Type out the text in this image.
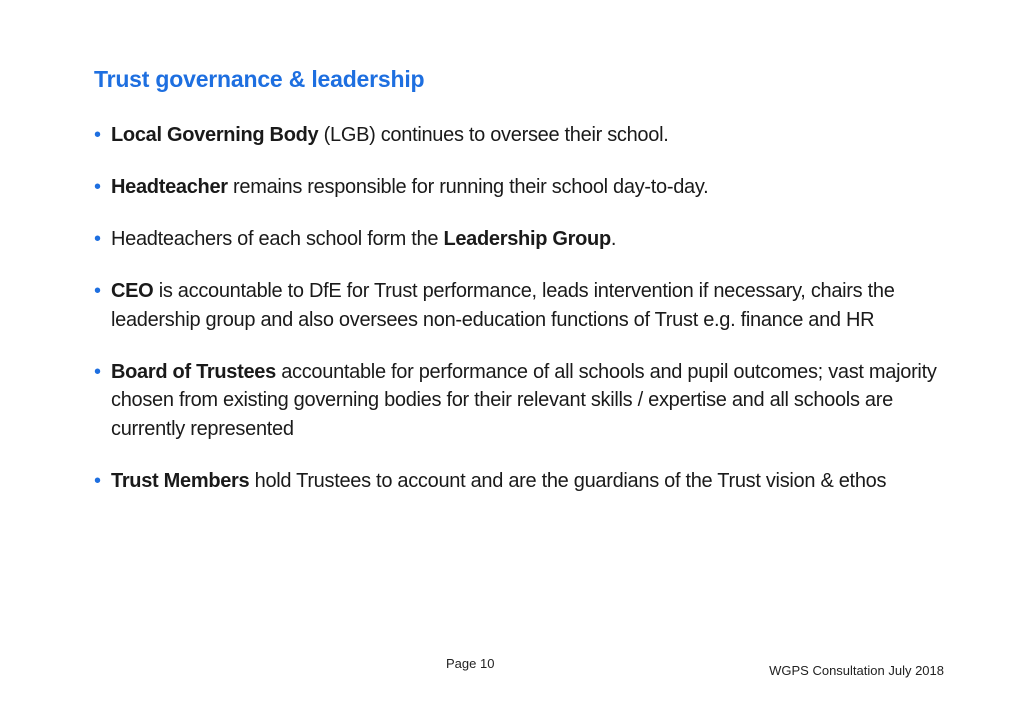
Trust governance & leadership
• Local Governing Body (LGB) continues to oversee their school.
• Headteacher remains responsible for running their school day-to-day.
• Headteachers of each school form the Leadership Group.
• CEO is accountable to DfE for Trust performance, leads intervention if necessary, chairs the leadership group and also oversees non-education functions of Trust e.g. finance and HR
• Board of Trustees accountable for performance of all schools and pupil outcomes; vast majority chosen from existing governing bodies for their relevant skills / expertise and all schools are currently represented
• Trust Members hold Trustees to account and are the guardians of the Trust vision & ethos
Page 10	WGPS Consultation July 2018
